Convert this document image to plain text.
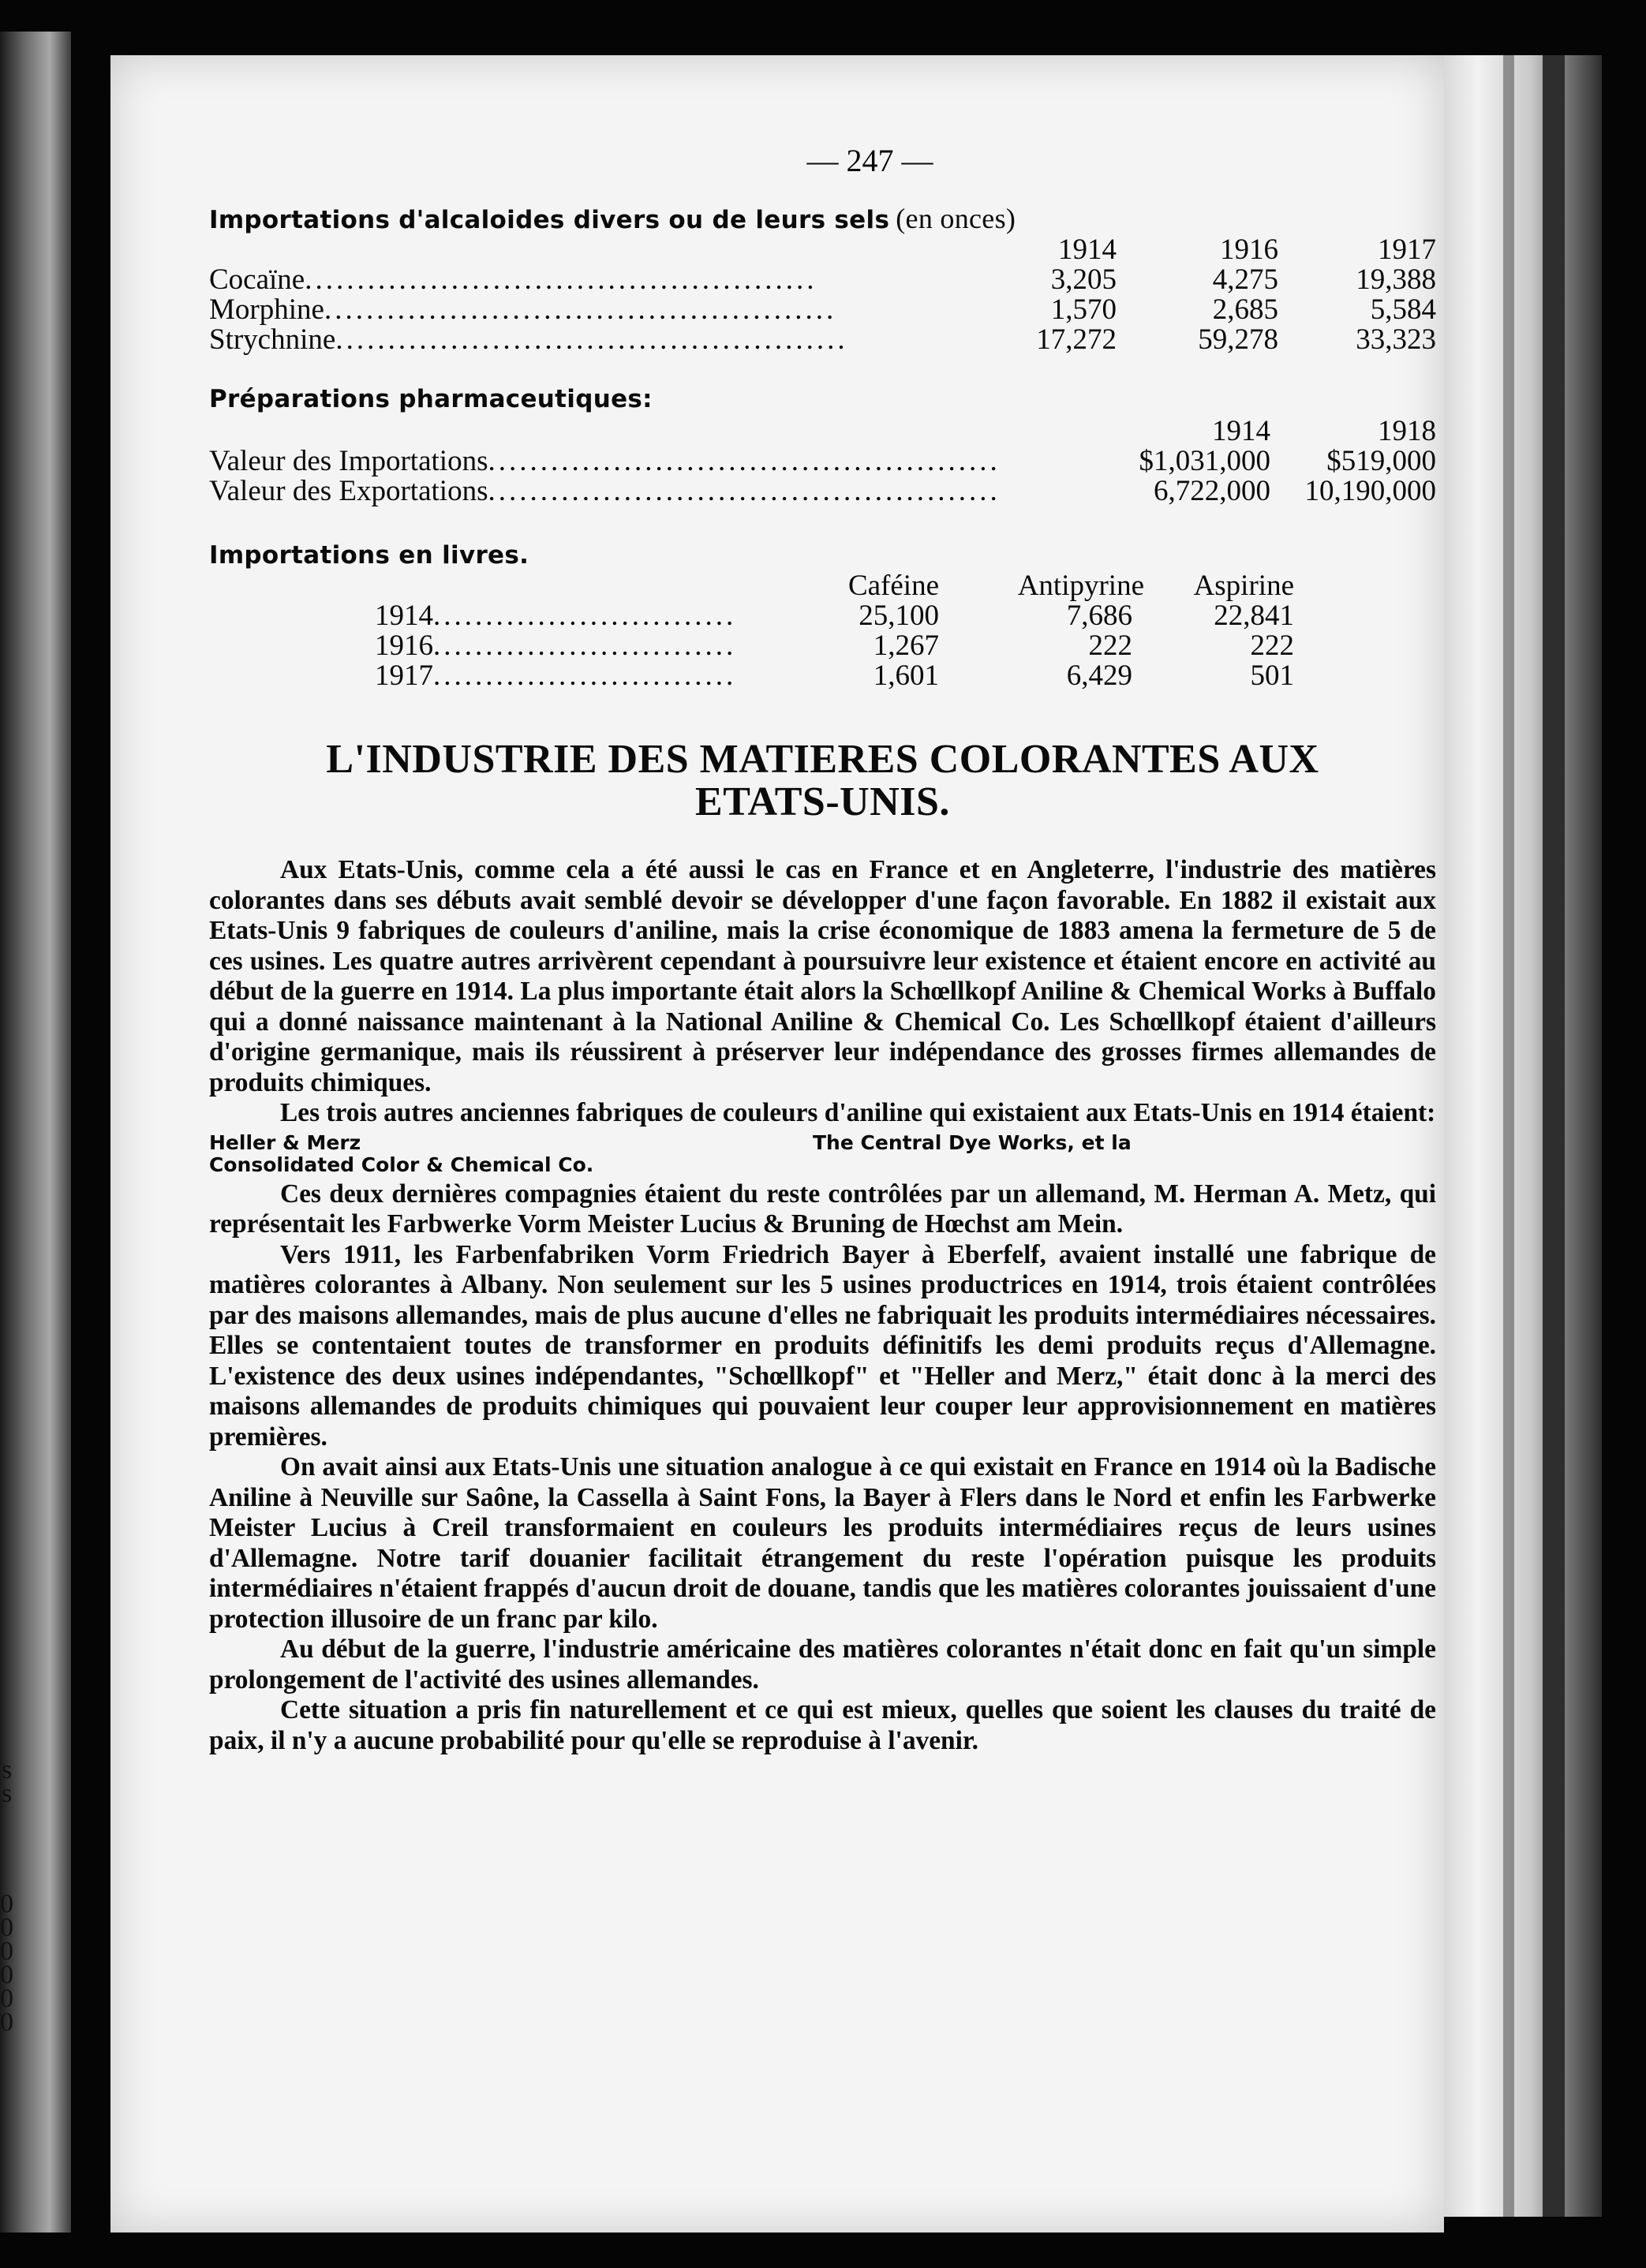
s
s
0
0
0
0
0
0
— 247 —
Importations d'alcaloides divers ou de leurs sels (en onces)
1914	1916	1917
Cocaïne.................................................	3,205	4,275	19,388
Morphine.................................................	1,570	2,685	5,584
Strychnine.................................................	17,272	59,278	33,323
Préparations pharmaceutiques:
1914	1918
Valeur des Importations.................................................	$1,031,000 $519,000
Valeur des Exportations.................................................	6,722,000 10,190,000
Importations en livres.
Caféine	Antipyrine Aspirine
1914.............................	25,100	7,686	22,841
1916.............................	1,267	222	222
1917.............................	1,601	6,429	501
L'INDUSTRIE DES MATIERES COLORANTES AUX
ETATS-UNIS.

Aux Etats-Unis, comme cela a été aussi le cas en France et en Angleterre, l'industrie des matières colorantes dans ses débuts avait semblé devoir se développer d'une façon favorable. En 1882 il existait aux Etats-Unis 9 fabriques de couleurs d'aniline, mais la crise économique de 1883 amena la fermeture de 5 de ces usines. Les quatre autres arrivèrent cependant à poursuivre leur existence et étaient encore en activité au début de la guerre en 1914. La plus importante était alors la Schœllkopf Aniline & Chemical Works à Buffalo qui a donné naissance maintenant à la National Aniline & Chemical Co. Les Schœllkopf étaient d'ailleurs d'origine germanique, mais ils réussirent à préserver leur indépendance des grosses firmes allemandes de produits chimiques.

Les trois autres anciennes fabriques de couleurs d'aniline qui existaient aux Etats-Unis en 1914 étaient:

Heller & Merz	The Central Dye Works, et la
Consolidated Color & Chemical Co.

Ces deux dernières compagnies étaient du reste contrôlées par un allemand, M. Herman A. Metz, qui représentait les Farbwerke Vorm Meister Lucius & Bruning de Hœchst am Mein.

Vers 1911, les Farbenfabriken Vorm Friedrich Bayer à Eberfelf, avaient installé une fabrique de matières colorantes à Albany. Non seulement sur les 5 usines productrices en 1914, trois étaient contrôlées par des maisons allemandes, mais de plus aucune d'elles ne fabriquait les produits intermédiaires nécessaires. Elles se contentaient toutes de transformer en produits définitifs les demi produits reçus d'Allemagne. L'existence des deux usines indépendantes, "Schœllkopf" et "Heller and Merz," était donc à la merci des maisons allemandes de produits chimiques qui pouvaient leur couper leur approvisionnement en matières premières.

On avait ainsi aux Etats-Unis une situation analogue à ce qui existait en France en 1914 où la Badische Aniline à Neuville sur Saône, la Cassella à Saint Fons, la Bayer à Flers dans le Nord et enfin les Farbwerke Meister Lucius à Creil transformaient en couleurs les produits intermédiaires reçus de leurs usines d'Allemagne. Notre tarif douanier facilitait étrangement du reste l'opération puisque les produits intermédiaires n'étaient frappés d'aucun droit de douane, tandis que les matières colorantes jouissaient d'une protection illusoire de un franc par kilo.

Au début de la guerre, l'industrie américaine des matières colorantes n'était donc en fait qu'un simple prolongement de l'activité des usines allemandes.

Cette situation a pris fin naturellement et ce qui est mieux, quelles que soient les clauses du traité de paix, il n'y a aucune probabilité pour qu'elle se reproduise à l'avenir.
